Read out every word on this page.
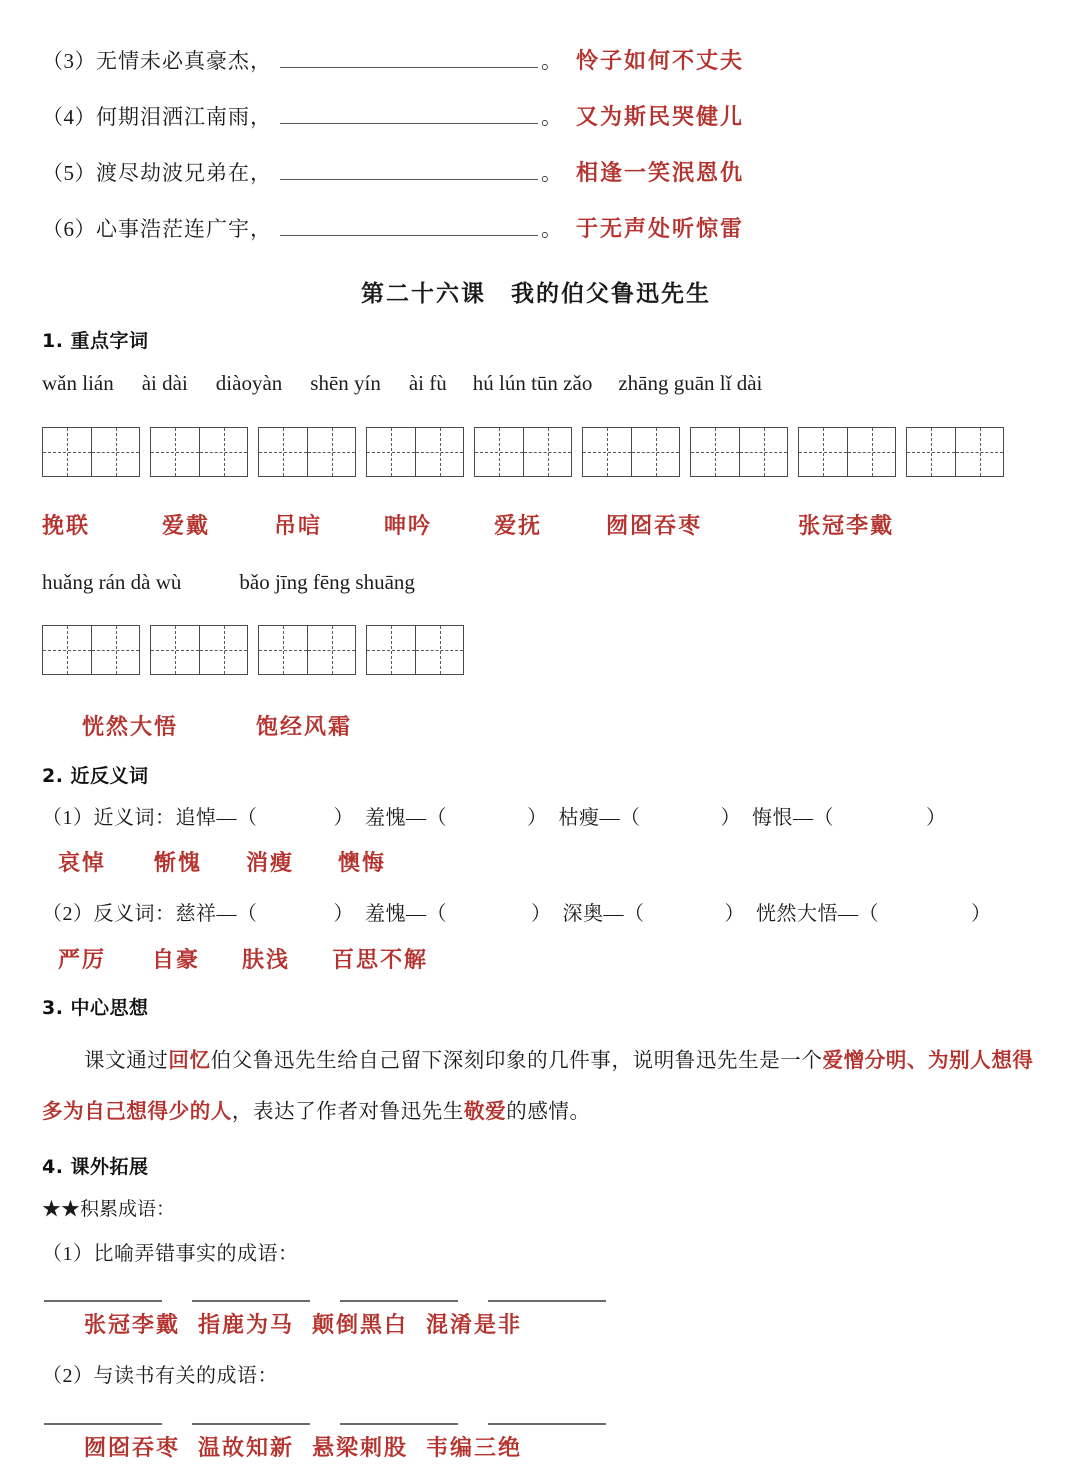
（3） 无情未必真豪杰，	。 怜子如何不丈夫
（4） 何期泪洒江南雨，	。 又为斯民哭健儿
（5） 渡尽劫波兄弟在，	。 相逢一笑泯恩仇
（6） 心事浩茫连广宇，	。 于无声处听惊雷
第二十六课　我的伯父鲁迅先生
1. 重点字词
wǎn lián ài dài diàoyàn shēn yín ài fù hú lún tūn zǎo zhāng guān lǐ dài
挽联	爱戴	吊唁	呻吟	爱抚	囫囵吞枣	张冠李戴
huǎng rán dà wù	bǎo jīng fēng shuāng
恍然大悟	饱经风霜
2. 近反义词
（1）近义词：追悼—（	） 羞愧—（	） 枯瘦—（	） 悔恨—（	）
哀悼 惭愧 消瘦 懊悔
（2）反义词：慈祥—（	） 羞愧—（	） 深奥—（	） 恍然大悟—（	）
严厉 自豪 肤浅 百思不解
3. 中心思想
课文通过回忆伯父鲁迅先生给自己留下深刻印象的几件事，说明鲁迅先生是一个爱憎分明、为别人想得多为自己想得少的人，表达了作者对鲁迅先生敬爱的感情。
4. 课外拓展
★★积累成语：
（1）比喻弄错事实的成语：
张冠李戴 指鹿为马 颠倒黑白 混淆是非
（2）与读书有关的成语：
囫囵吞枣 温故知新 悬梁刺股 韦编三绝
